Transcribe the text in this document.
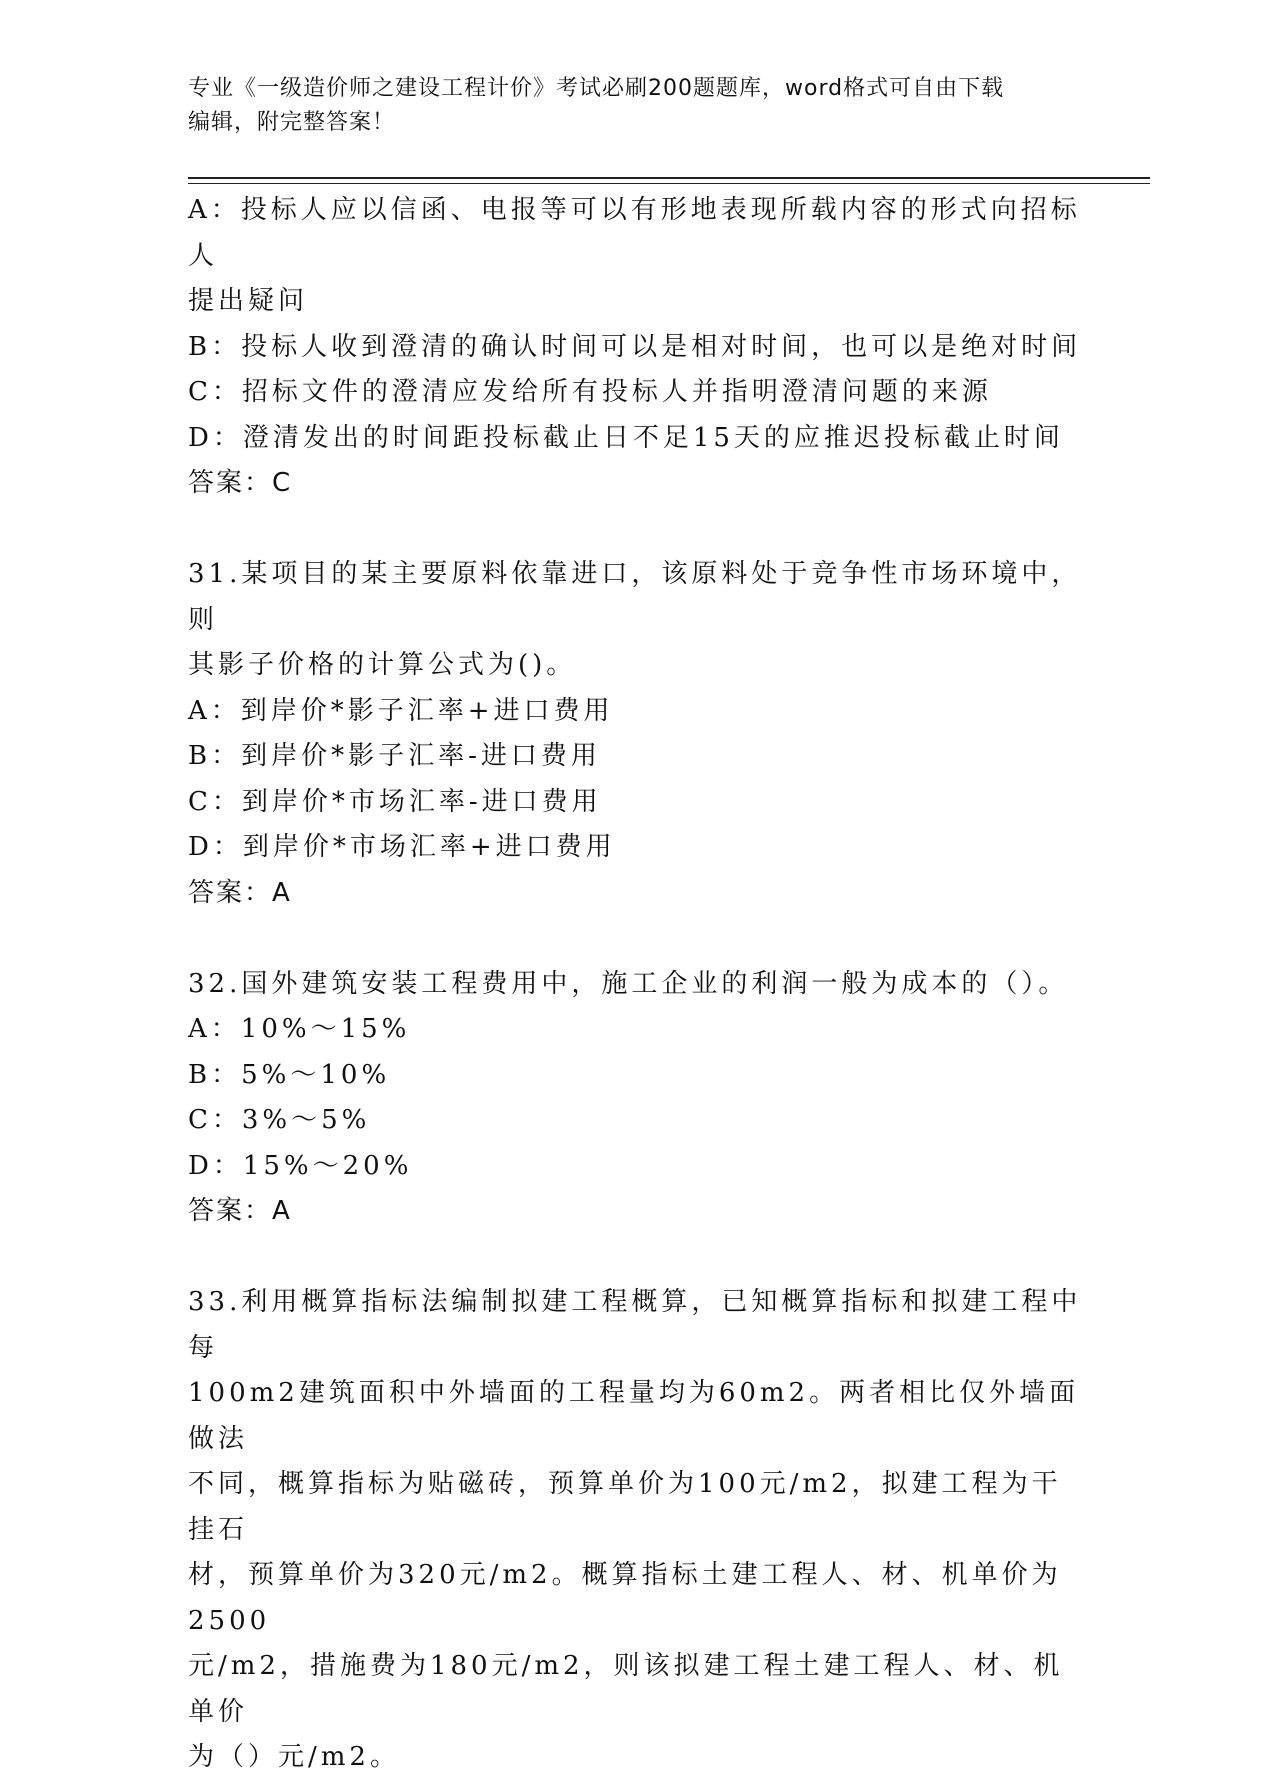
专业《一级造价师之建设工程计价》考试必刷200题题库，word格式可自由下载
编辑，附完整答案！

A：投标人应以信函、电报等可以有形地表现所载内容的形式向招标人

提出疑问

B：投标人收到澄清的确认时间可以是相对时间，也可以是绝对时间

C：招标文件的澄清应发给所有投标人并指明澄清问题的来源

D：澄清发出的时间距投标截止日不足15天的应推迟投标截止时间

答案：C

31.某项目的某主要原料依靠进口，该原料处于竞争性市场环境中，则

其影子价格的计算公式为()。

A：到岸价*影子汇率+进口费用

B：到岸价*影子汇率-进口费用

C：到岸价*市场汇率-进口费用

D：到岸价*市场汇率+进口费用

答案：A

32.国外建筑安装工程费用中，施工企业的利润一般为成本的（）。

A：10%～15%

B：5%～10%

C：3%～5%

D：15%～20%

答案：A

33.利用概算指标法编制拟建工程概算，已知概算指标和拟建工程中每

100m2建筑面积中外墙面的工程量均为60m2。两者相比仅外墙面做法

不同，概算指标为贴磁砖，预算单价为100元/m2，拟建工程为干挂石

材，预算单价为320元/m2。概算指标土建工程人、材、机单价为2500

元/m2，措施费为180元/m2，则该拟建工程土建工程人、材、机单价

为（）元/m2。
